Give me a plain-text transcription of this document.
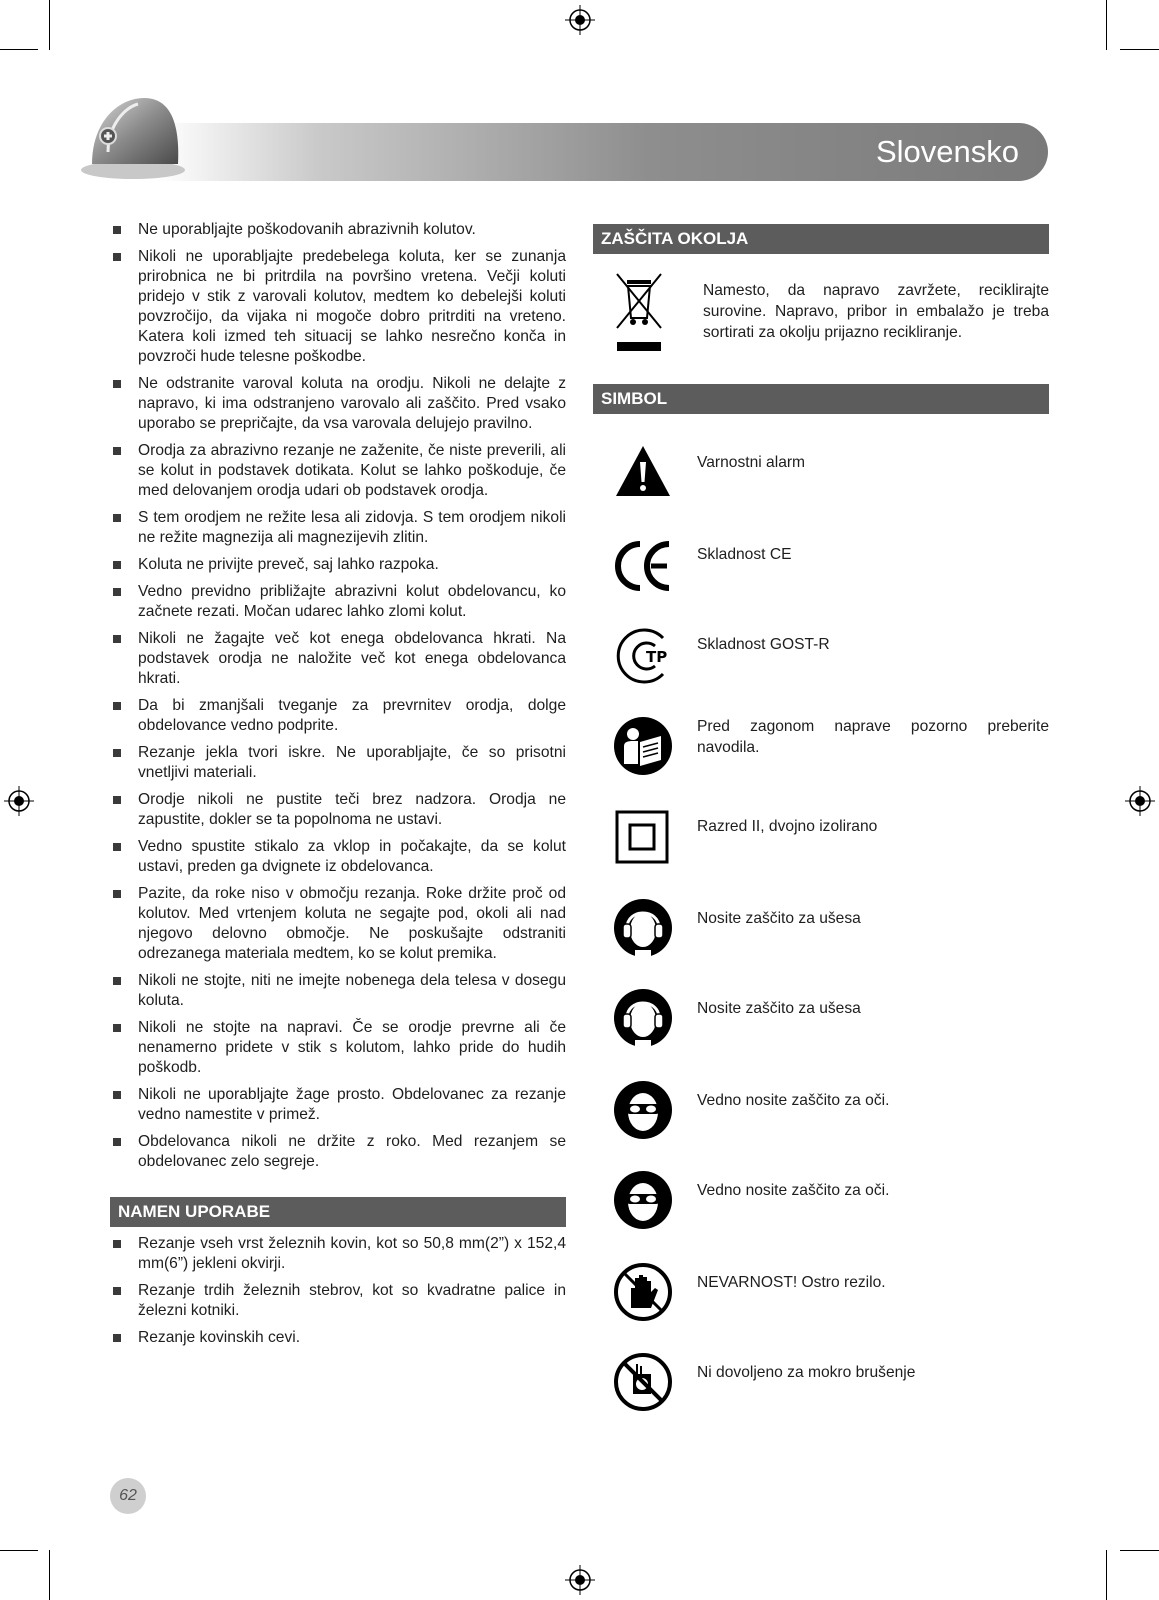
Slovensko
Ne uporabljajte poškodovanih abrazivnih kolutov.
Nikoli ne uporabljajte predebelega koluta, ker se zunanja prirobnica ne bi pritrdila na površino vretena. Večji koluti pridejo v stik z varovali kolutov, medtem ko debelejši koluti povzročijo, da vijaka ni mogoče dobro pritrditi na vreteno. Katera koli izmed teh situacij se lahko nesrečno konča in povzroči hude telesne poškodbe.
Ne odstranite varoval koluta na orodju. Nikoli ne delajte z napravo, ki ima odstranjeno varovalo ali zaščito. Pred vsako uporabo se prepričajte, da vsa varovala delujejo pravilno.
Orodja za abrazivno rezanje ne zaženite, če niste preverili, ali se kolut in podstavek dotikata. Kolut se lahko poškoduje, če med delovanjem orodja udari ob podstavek orodja.
S tem orodjem ne režite lesa ali zidovja. S tem orodjem nikoli ne režite magnezija ali magnezijevih zlitin.
Koluta ne privijte preveč, saj lahko razpoka.
Vedno previdno približajte abrazivni kolut obdelovancu, ko začnete rezati. Močan udarec lahko zlomi kolut.
Nikoli ne žagajte več kot enega obdelovanca hkrati. Na podstavek orodja ne naložite več kot enega obdelovanca hkrati.
Da bi zmanjšali tveganje za prevrnitev orodja, dolge obdelovance vedno podprite.
Rezanje jekla tvori iskre. Ne uporabljajte, če so prisotni vnetljivi materiali.
Orodje nikoli ne pustite teči brez nadzora. Orodja ne zapustite, dokler se ta popolnoma ne ustavi.
Vedno spustite stikalo za vklop in počakajte, da se kolut ustavi, preden ga dvignete iz obdelovanca.
Pazite, da roke niso v območju rezanja. Roke držite proč od kolutov. Med vrtenjem koluta ne segajte pod, okoli ali nad njegovo delovno območje. Ne poskušajte odstraniti odrezanega materiala medtem, ko se kolut premika.
Nikoli ne stojte, niti ne imejte nobenega dela telesa v dosegu koluta.
Nikoli ne stojte na napravi. Če se orodje prevrne ali če nenamerno pridete v stik s kolutom, lahko pride do hudih poškodb.
Nikoli ne uporabljajte žage prosto. Obdelovanec za rezanje vedno namestite v primež.
Obdelovanca nikoli ne držite z roko. Med rezanjem se obdelovanec zelo segreje.
NAMEN UPORABE
Rezanje vseh vrst železnih kovin, kot so 50,8 mm(2”) x 152,4 mm(6”) jekleni okvirji.
Rezanje trdih železnih stebrov, kot so kvadratne palice in železni kotniki.
Rezanje kovinskih cevi.
ZAŠČITA OKOLJA
Namesto, da napravo zavržete, reciklirajte surovine. Napravo, pribor in embalažo je treba sortirati za okolju prijazno recikliranje.
SIMBOL
Varnostni alarm
Skladnost CE
TP
Skladnost GOST-R
Pred zagonom naprave pozorno preberite navodila.
Razred II, dvojno izolirano
Nosite zaščito za ušesa
Nosite zaščito za ušesa
Vedno nosite zaščito za oči.
Vedno nosite zaščito za oči.
NEVARNOST! Ostro rezilo.
Ni dovoljeno za mokro brušenje
62
